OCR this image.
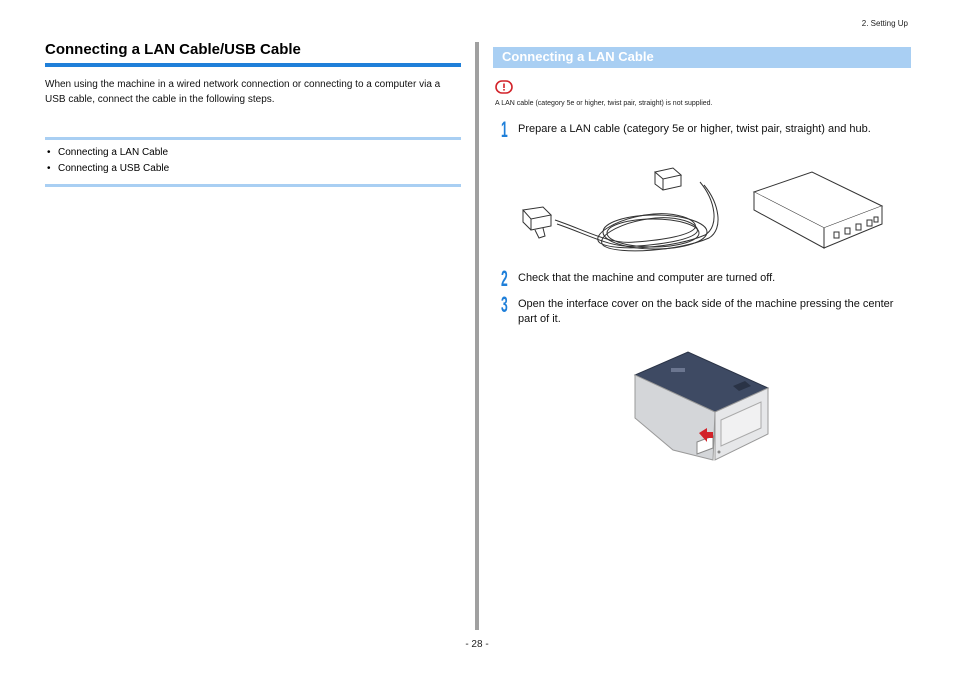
2. Setting Up
Connecting a LAN Cable/USB Cable
When using the machine in a wired network connection or connecting to a computer via a USB cable, connect the cable in the following steps.
• Connecting a LAN Cable
• Connecting a USB Cable
Connecting a LAN Cable
A LAN cable (category 5e or higher, twist pair, straight) is not supplied.
1 Prepare a LAN cable (category 5e or higher, twist pair, straight) and hub.
2 Check that the machine and computer are turned off.
3 Open the interface cover on the back side of the machine pressing the center part of it.
- 28 -
